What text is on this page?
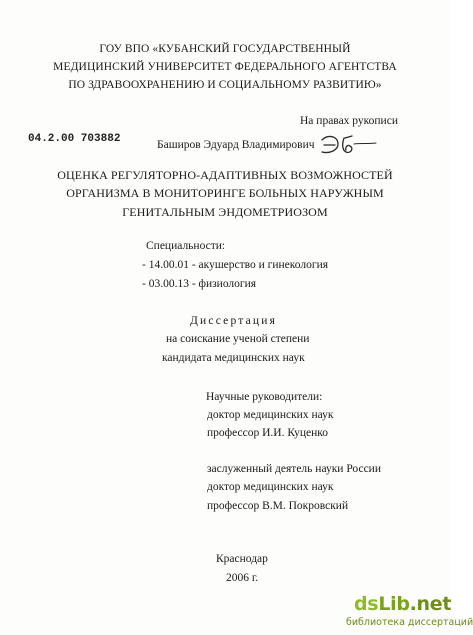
ГОУ ВПО «КУБАНСКИЙ ГОСУДАРСТВЕННЫЙ
МЕДИЦИНСКИЙ УНИВЕРСИТЕТ ФЕДЕРАЛЬНОГО АГЕНТСТВА
ПО ЗДРАВООХРАНЕНИЮ И СОЦИАЛЬНОМУ РАЗВИТИЮ»
На правах рукописи
04.2.00 703882	Баширов Эдуард Владимирович
ОЦЕНКА РЕГУЛЯТОРНО-АДАПТИВНЫХ ВОЗМОЖНОСТЕЙ
ОРГАНИЗМА В МОНИТОРИНГЕ БОЛЬНЫХ НАРУЖНЫМ
ГЕНИТАЛЬНЫМ ЭНДОМЕТРИОЗОМ
Специальности:
- 14.00.01 - акушерство и гинекология
- 03.00.13 - физиология
Диссертация
на соискание ученой степени
кандидата медицинских наук
Научные руководители:
доктор медицинских наук
профессор И.И. Куценко
заслуженный деятель науки России
доктор медицинских наук
профессор В.М. Покровский
Краснодар
2006 г.
dsLib.net
библиотека диссертаций
